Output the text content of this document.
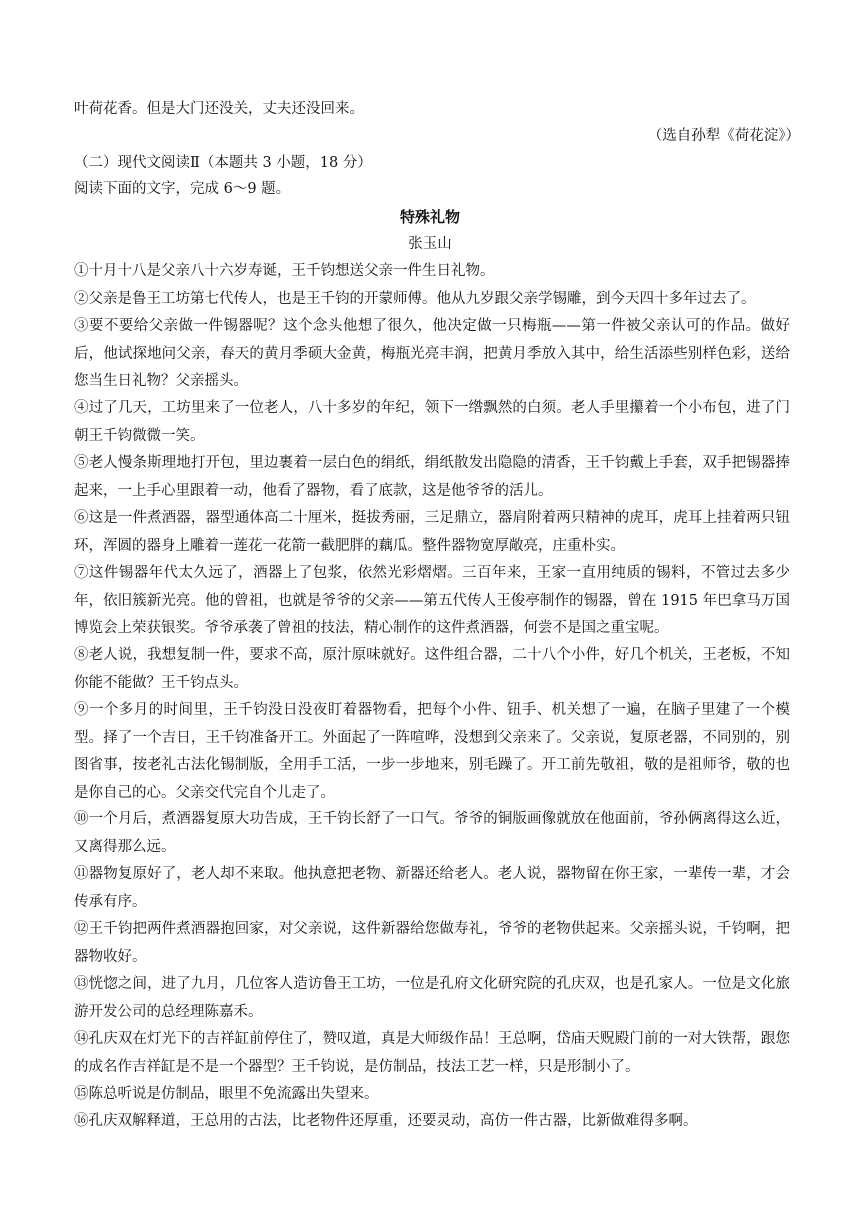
叶荷花香。但是大门还没关，丈夫还没回来。
（选自孙犁《荷花淀》）
（二）现代文阅读Ⅱ（本题共 3 小题，18 分）
阅读下面的文字，完成 6～9 题。
特殊礼物
张玉山
①十月十八是父亲八十六岁寿诞，王千钧想送父亲一件生日礼物。
②父亲是鲁王工坊第七代传人，也是王千钧的开蒙师傅。他从九岁跟父亲学锡雕，到今天四十多年过去了。
③要不要给父亲做一件锡器呢？这个念头他想了很久，他决定做一只梅瓶——第一件被父亲认可的作品。做好后，他试探地问父亲，春天的黄月季硕大金黄，梅瓶光亮丰润，把黄月季放入其中，给生活添些别样色彩，送给您当生日礼物？父亲摇头。
④过了几天，工坊里来了一位老人，八十多岁的年纪，领下一绺飘然的白须。老人手里攥着一个小布包，进了门朝王千钧微微一笑。
⑤老人慢条斯理地打开包，里边裹着一层白色的绢纸，绢纸散发出隐隐的清香，王千钧戴上手套，双手把锡器捧起来，一上手心里跟着一动，他看了器物，看了底款，这是他爷爷的活儿。
⑥这是一件煮酒器，器型通体高二十厘米，挺拔秀丽，三足鼎立，器肩附着两只精神的虎耳，虎耳上挂着两只钮环，浑圆的器身上雕着一莲花一花箭一截肥胖的藕瓜。整件器物宽厚敞亮，庄重朴实。
⑦这件锡器年代太久远了，酒器上了包浆，依然光彩熠熠。三百年来，王家一直用纯质的锡料，不管过去多少年，依旧簇新光亮。他的曾祖，也就是爷爷的父亲——第五代传人王俊亭制作的锡器，曾在 1915 年巴拿马万国博览会上荣获银奖。爷爷承袭了曾祖的技法，精心制作的这件煮酒器，何尝不是国之重宝呢。
⑧老人说，我想复制一件，要求不高，原汁原味就好。这件组合器，二十八个小件，好几个机关，王老板，不知你能不能做？王千钧点头。
⑨一个多月的时间里，王千钧没日没夜盯着器物看，把每个小件、钮手、机关想了一遍，在脑子里建了一个模型。择了一个吉日，王千钧准备开工。外面起了一阵喧哗，没想到父亲来了。父亲说，复原老器，不同别的，别图省事，按老礼古法化锡制版，全用手工活，一步一步地来，别毛躁了。开工前先敬祖，敬的是祖师爷，敬的也是你自己的心。父亲交代完自个儿走了。
⑩一个月后，煮酒器复原大功告成，王千钧长舒了一口气。爷爷的铜版画像就放在他面前，爷孙俩离得这么近，又离得那么远。
⑪器物复原好了，老人却不来取。他执意把老物、新器还给老人。老人说，器物留在你王家，一辈传一辈，才会传承有序。
⑫王千钧把两件煮酒器抱回家，对父亲说，这件新器给您做寿礼，爷爷的老物供起来。父亲摇头说，千钧啊，把器物收好。
⑬恍惚之间，进了九月，几位客人造访鲁王工坊，一位是孔府文化研究院的孔庆双，也是孔家人。一位是文化旅游开发公司的总经理陈嘉禾。
⑭孔庆双在灯光下的吉祥缸前停住了，赞叹道，真是大师级作品！王总啊，岱庙天贶殿门前的一对大铁帮，跟您的成名作吉祥缸是不是一个器型？王千钧说，是仿制品，技法工艺一样，只是形制小了。
⑮陈总听说是仿制品，眼里不免流露出失望来。
⑯孔庆双解释道，王总用的古法，比老物件还厚重，还要灵动，高仿一件古器，比新做难得多啊。
